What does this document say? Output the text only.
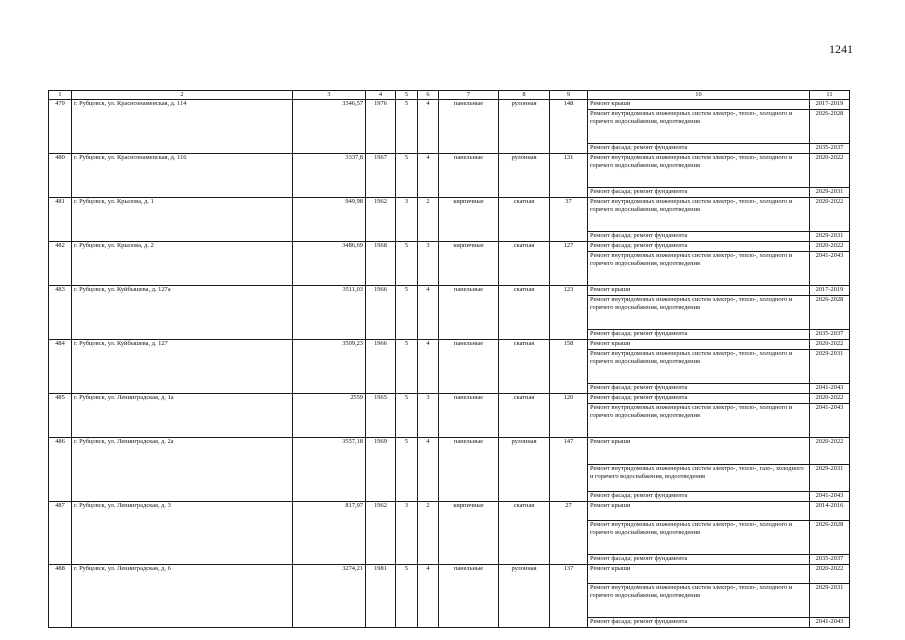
1241
1	2	3	4	5	6	7	8	9	10	11
479	г. Рубцовск, ул. Краснознаменская, д. 114	3346,57	1976	5	4	панельные	рулонная	148	Ремонт крыши	2017-2019
									Ремонт внутридомовых инженерных систем электро-, тепло-, холодного и горячего водоснабжения, водоотведения	2026-2028
									Ремонт фасада; ремонт фундамента	2035-2037
480	г. Рубцовск, ул. Краснознаменская, д. 116	3337,8	1967	5	4	панельные	рулонная	131	Ремонт внутридомовых инженерных систем электро-, тепло-, холодного и горячего водоснабжения, водоотведения	2020-2022
									Ремонт фасада; ремонт фундамента	2029-2031
481	г. Рубцовск, ул. Крылова, д. 1	949,98	1962	3	2	кирпичные	скатная	37	Ремонт внутридомовых инженерных систем электро-, тепло-, холодного и горячего водоснабжения, водоотведения	2020-2022
									Ремонт фасада; ремонт фундамента	2029-2031
482	г. Рубцовск, ул. Крылова, д. 2	3486,69	1968	5	3	кирпичные	скатная	127	Ремонт фасада; ремонт фундамента	2020-2022
									Ремонт внутридомовых инженерных систем электро-, тепло-, холодного и горячего водоснабжения, водоотведения	2041-2043
483	г. Рубцовск, ул. Куйбышева, д. 127а	3511,03	1966	5	4	панельные	скатная	123	Ремонт крыши	2017-2019
									Ремонт внутридомовых инженерных систем электро-, тепло-, холодного и горячего водоснабжения, водоотведения	2026-2028
									Ремонт фасада; ремонт фундамента	2035-2037
484	г. Рубцовск, ул. Куйбышева, д. 127	3509,23	1966	5	4	панельные	скатная	158	Ремонт крыши	2020-2022
									Ремонт внутридомовых инженерных систем электро-, тепло-, холодного и горячего водоснабжения, водоотведения	2029-2031
									Ремонт фасада; ремонт фундамента	2041-2043
485	г. Рубцовск, ул. Ленинградская, д. 1а	2559	1965	5	3	панельные	скатная	120	Ремонт фасада; ремонт фундамента	2020-2022
									Ремонт внутридомовых инженерных систем электро-, тепло-, холодного и горячего водоснабжения, водоотведения	2041-2043
486	г. Рубцовск, ул. Ленинградская, д. 2а	3557,18	1969	5	4	панельные	рулонная	147	Ремонт крыши	2020-2022
									Ремонт внутридомовых инженерных систем электро-, тепло-, газо-, холодного и горячего водоснабжения, водоотведения	2029-2031
									Ремонт фасада; ремонт фундамента	2041-2043
487	г. Рубцовск, ул. Ленинградская, д. 3	817,97	1962	3	2	кирпичные	скатная	27	Ремонт крыши	2014-2016
									Ремонт внутридомовых инженерных систем электро-, тепло-, холодного и горячего водоснабжения, водоотведения	2026-2028
									Ремонт фасада; ремонт фундамента	2035-2037
488	г. Рубцовск, ул. Ленинградская, д. 6	3274,21	1981	5	4	панельные	рулонная	137	Ремонт крыши	2020-2022
									Ремонт внутридомовых инженерных систем электро-, тепло-, холодного и горячего водоснабжения, водоотведения	2029-2031
									Ремонт фасада; ремонт фундамента	2041-2043
